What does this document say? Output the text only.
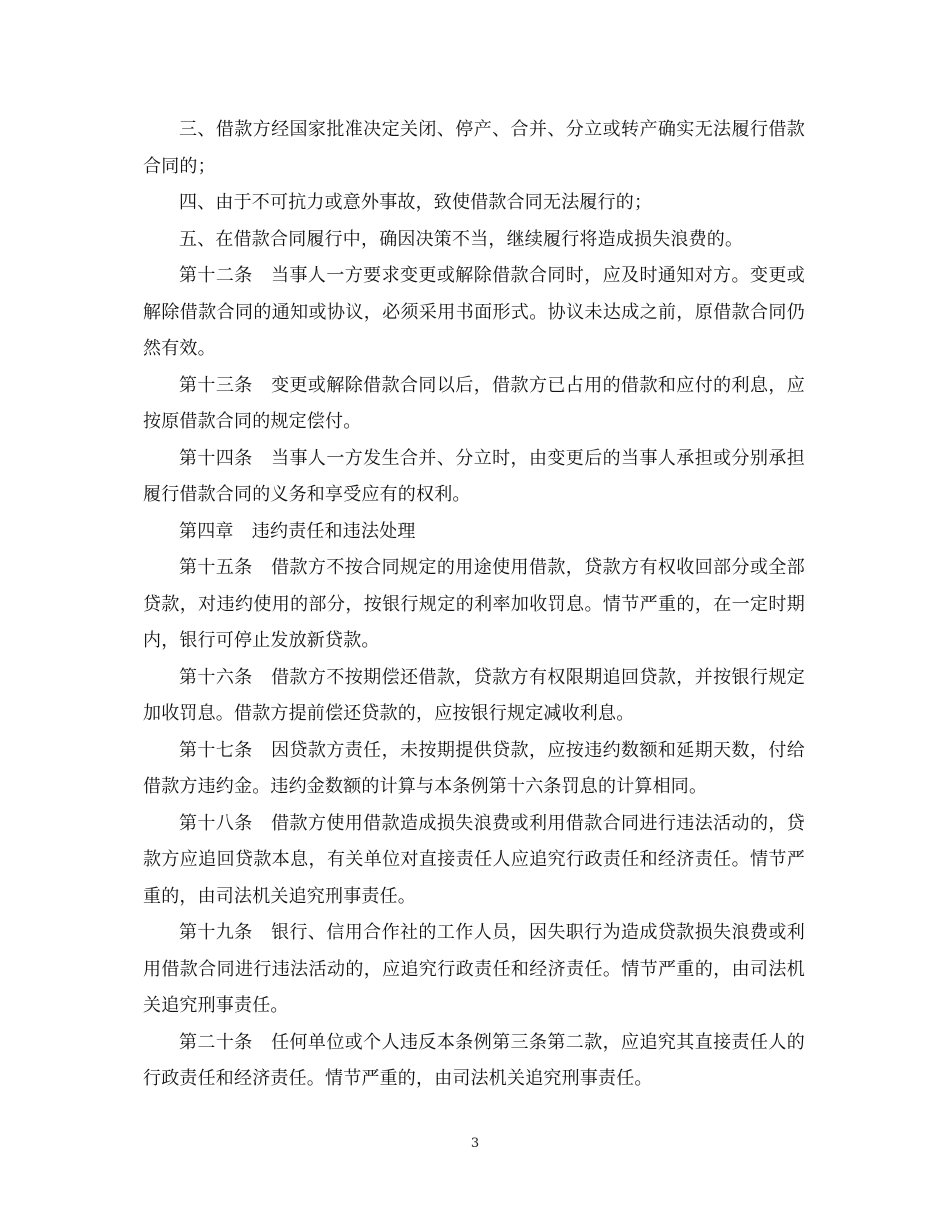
三、借款方经国家批准决定关闭、停产、合并、分立或转产确实无法履行借款合同的；

四、由于不可抗力或意外事故，致使借款合同无法履行的；

五、在借款合同履行中，确因决策不当，继续履行将造成损失浪费的。

第十二条　当事人一方要求变更或解除借款合同时，应及时通知对方。变更或解除借款合同的通知或协议，必须采用书面形式。协议未达成之前，原借款合同仍然有效。

第十三条　变更或解除借款合同以后，借款方已占用的借款和应付的利息，应按原借款合同的规定偿付。

第十四条　当事人一方发生合并、分立时，由变更后的当事人承担或分别承担履行借款合同的义务和享受应有的权利。

第四章　违约责任和违法处理

第十五条　借款方不按合同规定的用途使用借款，贷款方有权收回部分或全部贷款，对违约使用的部分，按银行规定的利率加收罚息。情节严重的，在一定时期内，银行可停止发放新贷款。

第十六条　借款方不按期偿还借款，贷款方有权限期追回贷款，并按银行规定加收罚息。借款方提前偿还贷款的，应按银行规定减收利息。

第十七条　因贷款方责任，未按期提供贷款，应按违约数额和延期天数，付给借款方违约金。违约金数额的计算与本条例第十六条罚息的计算相同。

第十八条　借款方使用借款造成损失浪费或利用借款合同进行违法活动的，贷款方应追回贷款本息，有关单位对直接责任人应追究行政责任和经济责任。情节严重的，由司法机关追究刑事责任。

第十九条　银行、信用合作社的工作人员，因失职行为造成贷款损失浪费或利用借款合同进行违法活动的，应追究行政责任和经济责任。情节严重的，由司法机关追究刑事责任。

第二十条　任何单位或个人违反本条例第三条第二款，应追究其直接责任人的行政责任和经济责任。情节严重的，由司法机关追究刑事责任。

3
